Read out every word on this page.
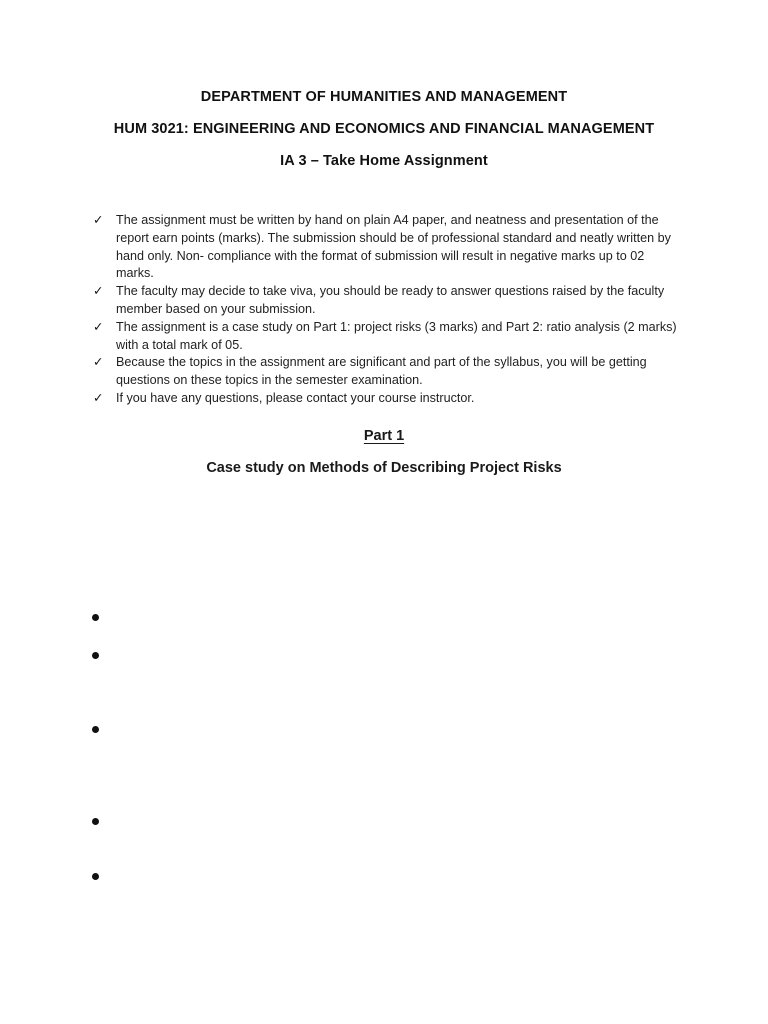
DEPARTMENT OF HUMANITIES AND MANAGEMENT
HUM 3021: ENGINEERING AND ECONOMICS AND FINANCIAL MANAGEMENT
IA 3 – Take Home Assignment
✓ The assignment must be written by hand on plain A4 paper, and neatness and presentation of the report earn points (marks). The submission should be of professional standard and neatly written by hand only. Non- compliance with the format of submission will result in negative marks up to 02 marks.
✓ The faculty may decide to take viva, you should be ready to answer questions raised by the faculty member based on your submission.
✓ The assignment is a case study on Part 1: project risks (3 marks) and Part 2: ratio analysis (2 marks) with a total mark of 05.
✓ Because the topics in the assignment are significant and part of the syllabus, you will be getting questions on these topics in the semester examination.
✓ If you have any questions, please contact your course instructor.
Part 1
Case study on Methods of Describing Project Risks
